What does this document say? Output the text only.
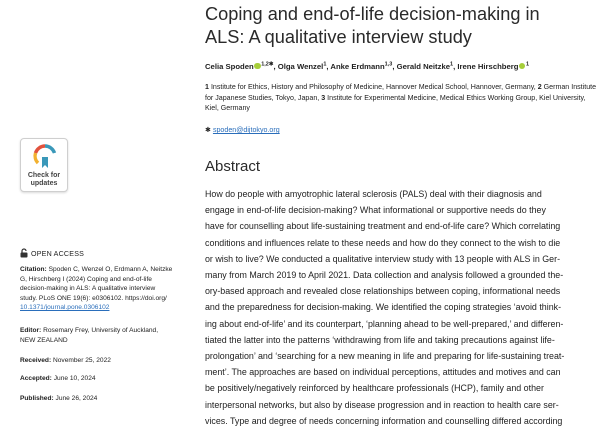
Coping and end-of-life decision-making in
ALS: A qualitative interview study
Celia Spoden $^{1,2✱}$, Olga Wenzel$^1$, Anke Erdmann$^{1,3}$, Gerald Neitzke$^1$, Irene Hirschberg $^1$
1 Institute for Ethics, History and Philosophy of Medicine, Hannover Medical School, Hannover, Germany, 2 German Institute for Japanese Studies, Tokyo, Japan, 3 Institute for Experimental Medicine, Medical Ethics Working Group, Kiel University, Kiel, Germany
✱ spoden@dijtokyo.org
Check for
updates
OPEN ACCESS
Citation: Spoden C, Wenzel O, Erdmann A, Neitzke
G, Hirschberg I (2024) Coping and end-of-life
decision-making in ALS: A qualitative interview
study. PLoS ONE 19(6): e0306102. https://doi.org/
10.1371/journal.pone.0306102
Editor: Rosemary Frey, University of Auckland,
NEW ZEALAND
Received: November 25, 2022
Accepted: June 10, 2024
Published: June 26, 2024
Abstract
How do people with amyotrophic lateral sclerosis (PALS) deal with their diagnosis and
engage in end-of-life decision-making? What informational or supportive needs do they
have for counselling about life-sustaining treatment and end-of-life care? Which correlating
conditions and influences relate to these needs and how do they connect to the wish to die
or wish to live? We conducted a qualitative interview study with 13 people with ALS in Ger-
many from March 2019 to April 2021. Data collection and analysis followed a grounded the-
ory-based approach and revealed close relationships between coping, informational needs
and the preparedness for decision-making. We identified the coping strategies ‘avoid think-
ing about end-of-life’ and its counterpart, ‘planning ahead to be well-prepared,’ and differen-
tiated the latter into the patterns ‘withdrawing from life and taking precautions against life-
prolongation’ and ‘searching for a new meaning in life and preparing for life-sustaining treat-
ment’. The approaches are based on individual perceptions, attitudes and motives and can
be positively/negatively reinforced by healthcare professionals (HCP), family and other
interpersonal networks, but also by disease progression and in reaction to health care ser-
vices. Type and degree of needs concerning information and counselling differed according
